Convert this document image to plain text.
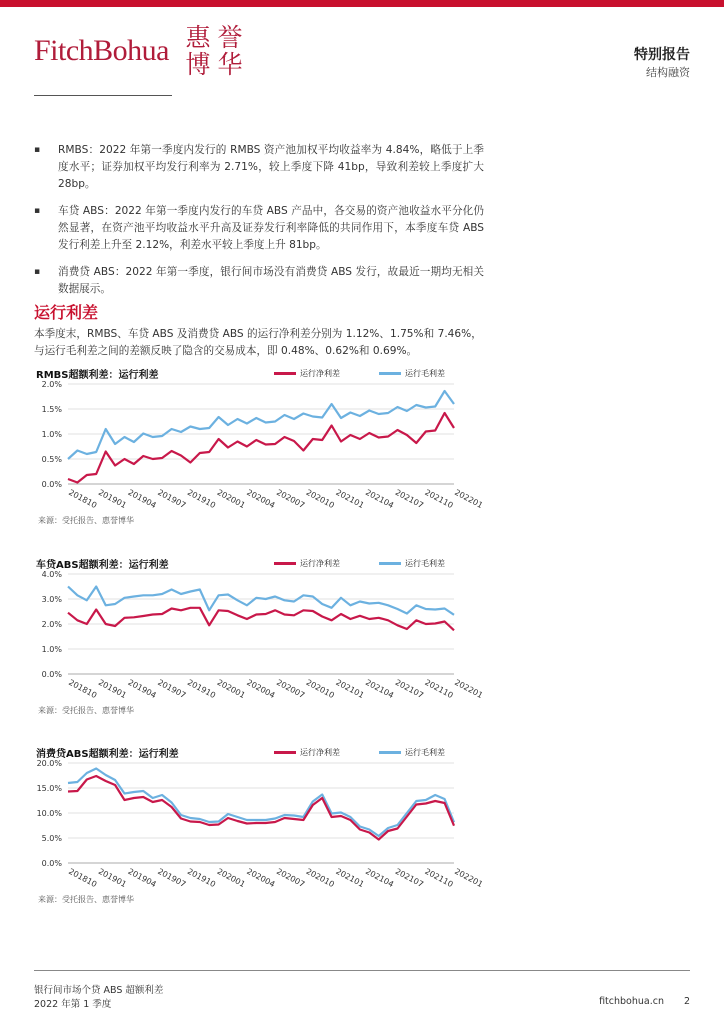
FitchBohua 惠 誉
博 华	特别报告
结构融资
▪ RMBS：2022 年第一季度内发行的 RMBS 资产池加权平均收益率为 4.84%，略低于上季度水平；证券加权平均发行利率为 2.71%，较上季度下降 41bp，导致利差较上季度扩大 28bp。
▪ 车贷 ABS：2022 年第一季度内发行的车贷 ABS 产品中，各交易的资产池收益水平分化仍然显著，在资产池平均收益水平升高及证券发行利率降低的共同作用下，本季度车贷 ABS 发行利差上升至 2.12%，利差水平较上季度上升 81bp。
▪ 消费贷 ABS：2022 年第一季度，银行间市场没有消费贷 ABS 发行，故最近一期均无相关数据展示。
运行利差
本季度末，RMBS、车贷 ABS 及消费贷 ABS 的运行净利差分别为 1.12%、1.75%和 7.46%，与运行毛利差之间的差额反映了隐含的交易成本，即 0.48%、0.62%和 0.69%。
RMBS超额利差：运行利差	运行净利差	运行毛利差
2.0%
1.5%
1.0%
0.5%
0.0%
201810
201901
201904
201907
201910
202001
202004
202007
202010
202101
202104
202107
202110
202201
来源：受托报告、惠誉博华
车贷ABS超额利差：运行利差	运行净利差	运行毛利差
4.0%
3.0%
2.0%
1.0%
0.0%
201810
201901
201904
201907
201910
202001
202004
202007
202010
202101
202104
202107
202110
202201
来源：受托报告、惠誉博华
消费贷ABS超额利差：运行利差	运行净利差	运行毛利差
20.0%
15.0%
10.0%
5.0%
0.0%
201810
201901
201904
201907
201910
202001
202004
202007
202010
202101
202104
202107
202110
202201
来源：受托报告、惠誉博华
银行间市场个贷 ABS 超额利差
2022 年第 1 季度	fitchbohua.cn 2
